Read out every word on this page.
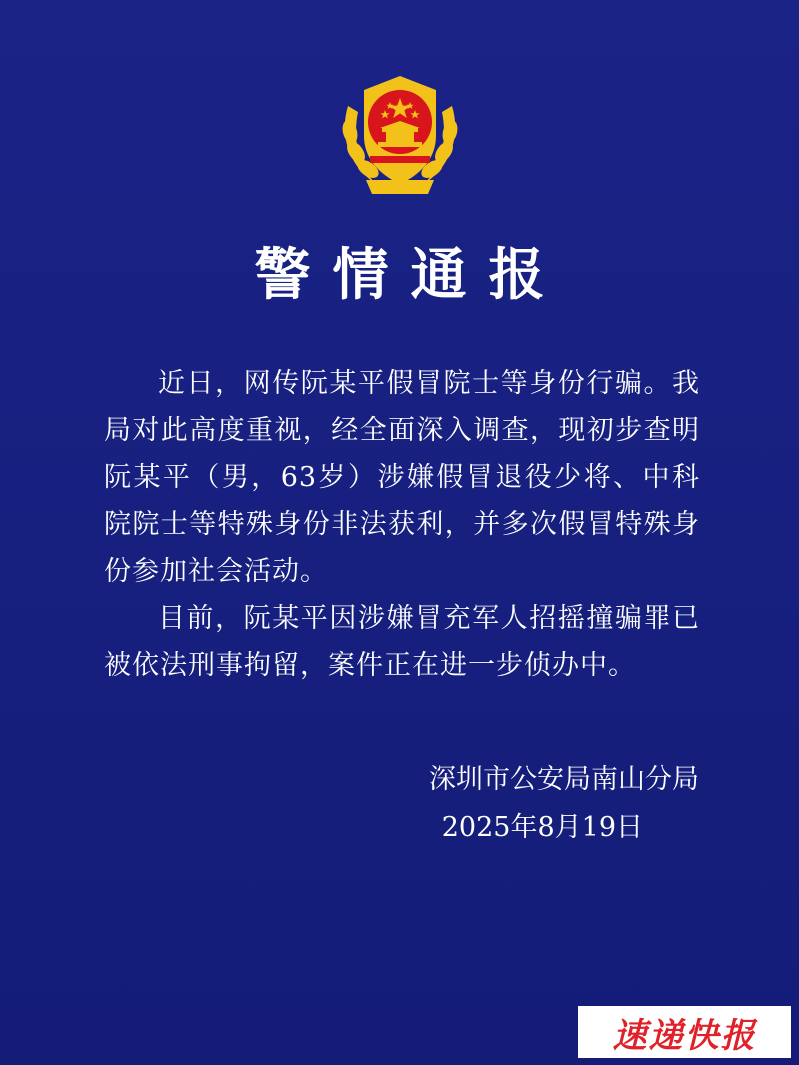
警情通报

近日，网传阮某平假冒院士等身份行骗。我局对此高度重视，经全面深入调查，现初步查明阮某平（男，63岁）涉嫌假冒退役少将、中科院院士等特殊身份非法获利，并多次假冒特殊身份参加社会活动。

目前，阮某平因涉嫌冒充军人招摇撞骗罪已被依法刑事拘留，案件正在进一步侦办中。

深圳市公安局南山分局
2025年8月19日
速递快报
